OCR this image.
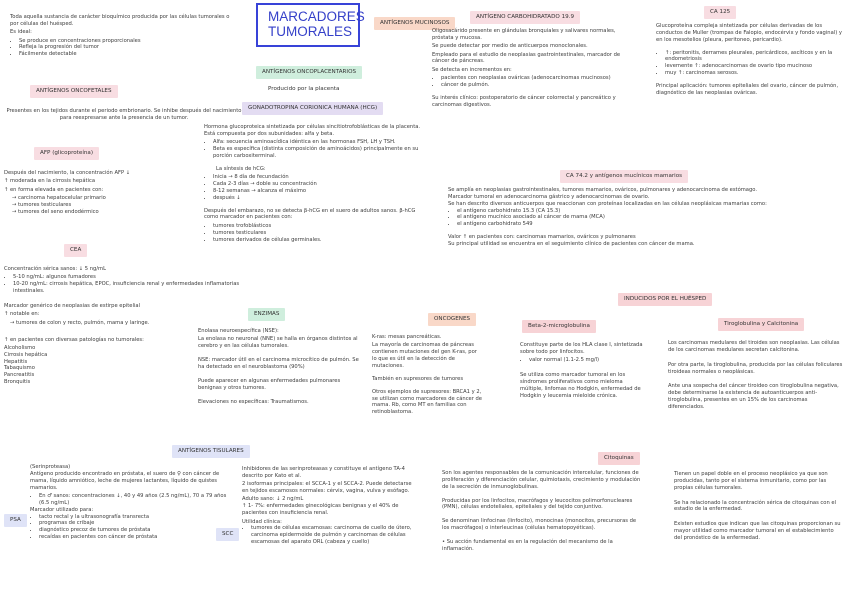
MARCADORES TUMORALES

Toda aquella sustancia de carácter bioquímico producida por las células tumorales o por células del huésped.

Es ideal:

• Se produce en concentraciones proporcionales
• Refleja la progresión del tumor
• Fácilmente detectable
ANTÍGENOS ONCOFETALES
Presentes en los tejidos durante el periodo embrionario. Se inhibe después del nacimiento para reexpresarse ante la presencia de un tumor.
AFP (glicoproteína)

Después del nacimiento, la concentración AFP ↓

↑ moderada en la cirrosis hepática

↑ en forma elevada en pacientes con:

→ carcinoma hepatocelular primario

→ tumores testiculares

→ tumores del seno endodérmico

CEA

Concentración sérica sanos: ↓ 5 ng/mL

• 5-10 ng/mL: algunos fumadores
• 10-20 ng/mL: cirrosis hepática, EPOC, insuficiencia renal y enfermedades inflamatorias intestinales.

Marcador genérico de neoplasias de estirpe epitelial

↑ notable en:

→ tumores de colon y recto, pulmón, mama y laringe.

↑ en pacientes con diversas patologías no tumorales:

Alcoholismo

Cirrosis hepática

Hepatitis

Tabaquismo

Pancreatitis

Bronquitis

ANTÍGENOS ONCOPLACENTARIOS
Producido por la placenta
GONADOTROPINA CORIONICA HUMANA (HCG)

Hormona glucoproteica sintetizada por células sincitiotrofoblásticas de la placenta. Está compuesta por dos subunidades: alfa y beta.

• Alfa: secuencia aminoacídica idéntica en las hormonas FSH, LH y TSH.
• Beta es específica (distinta composición de aminoácidos) principalmente en su porción carboxiterminal.

La síntesis de hCG:

• Inicia → 8 día de fecundación
• Cada 2-3 días → doble su concentración
• 8-12 semanas → alcanza el máximo
• después ↓

Después del embarazo, no se detecta β-hCG en el suero de adultos sanos. β-hCG como marcador en pacientes con:

• tumores trofoblásticos
• tumores testiculares
• tumores derivados de células germinales.
ENZIMAS

Enolasa neuroespecífica (NSE):

La enolasa no neuronal (NNE) se halla en órganos distintos al cerebro y en las células tumorales.

NSE: marcador útil en el carcinoma microcítico de pulmón. Se ha detectado en el neuroblastoma (90%)

Puede aparecer en algunas enfermedades pulmonares benignas y otros tumores.

Elevaciones no específicas: Traumatismos.

ONCOGENES

K-ras: mesas pancreáticas.

La mayoría de carcinomas de páncreas contienen mutaciones del gen K-ras, por lo que es útil en la detección de mutaciones.

También en supresores de tumores

Otros ejemplos de supresores: BRCA1 y 2, se utilizan como marcadores de cáncer de mama. Rb, como MT en familias con retinoblastoma.

ANTÍGENOS MUCINOSOS
ANTÍGENO CARBOHIDRATADO 19.9

Oligosacárido presente en glándulas bronquiales y salivares normales, próstata y mucosa.

Se puede detectar por medio de anticuerpos monoclonales.

Empleado para el estudio de neoplasias gastrointestinales, marcador de cáncer de páncreas.

Se detecta en incrementos en:

• pacientes con neoplasias ováricas (adenocarcinomas mucinosos)
• cáncer de pulmón.

Su interés clínico: postoperatorio de cáncer colorrectal y pancreático y carcinomas digestivos.

CA 125

Glucoproteína compleja sintetizada por células derivadas de los conductos de Muller (trompas de Falopio, endocérvix y fondo vaginal) y en los mesotelios (pleura, peritoneo, pericardio).

• ↑: peritonitis, derrames pleurales, pericárdicos, ascíticos y en la endometriosis
• levemente ↑: adenocarcinomas de ovario tipo mucinoso
• muy ↑: carcinomas serosos.

Principal aplicación: tumores epiteliales del ovario, cáncer de pulmón, diagnóstico de las neoplasias ováricas.

CA 74.2 y antígenos mucínicos mamarios

Se amplía en neoplasias gastrointestinales, tumores mamarios, ováricos, pulmonares y adenocarcinoma de estómago.

Marcador tumoral en adenocarcinoma gástrico y adenocarcinomas de ovario.

Se han descrito diversos anticuerpos que reaccionan con proteínas localizadas en las células neoplásicas mamarias como:

• el antígeno carbohidrato 15.3 (CA 15.3)
• el antígeno mucínico asociado al cáncer de mama (MCA)
• el antígeno carbohidrato 549

Valor ↑ en pacientes con: carcinomas mamarios, ováricos y pulmonares

Su principal utilidad se encuentra en el seguimiento clínico de pacientes con cáncer de mama.

INDUCIDOS POR EL HUÉSPED
Beta-2-microglobulina

Constituye parte de los HLA clase I, sintetizada sobre todo por linfocitos.

• valor normal (1.1-2.5 mg/l)

Se utiliza como marcador tumoral en los síndromes proliferativos como mieloma múltiple, linfomas no Hodgkin, enfermedad de Hodgkin y leucemia mieloide crónica.

Tiroglobulina y Calcitonina

Los carcinomas medulares del tiroides son neoplasias. Las células de los carcinomas medulares secretan calcitonina.

Por otra parte, la tiroglobulina, producida por las células foliculares tiroideas normales o neoplásicas.

Ante una sospecha del cáncer tiroideo con tiroglobulina negativa, debe determinarse la existencia de autoanticuerpos anti-tiroglobulina, presentes en un 15% de los carcinomas diferenciados.

Citoquinas

Son los agentes responsables de la comunicación intercelular, funciones de proliferación y diferenciación celular, quimiotaxis, crecimiento y modulación de la secreción de inmunoglobulinas.

Producidas por los linfocitos, macrófagos y leucocitos polimorfonucleares (PMN), células endoteliales, epiteliales y del tejido conjuntivo.

Se denominan linfocinas (linfocito), monocinas (monocitos, precursoras de los macrófagos) o interleucinas (células hematopoyéticas).

• Su acción fundamental es en la regulación del mecanismo de la inflamación.

Tienen un papel doble en el proceso neoplásico ya que son producidas, tanto por el sistema inmunitario, como por las propias células tumorales.

Se ha relacionado la concentración sérica de citoquinas con el estadio de la enfermedad.

Existen estudios que indican que las citoquinas proporcionan su mayor utilidad como marcador tumoral en el establecimiento del pronóstico de la enfermedad.

ANTÍGENOS TISULARES
PSA

(Serinproteasa)

Antígeno producido encontrado en próstata, el suero de ♀ con cáncer de mama, líquido amniótico, leche de mujeres lactantes, líquido de quistes mamarios.

• En ♂ sanos: concentraciones ↓, 40 y 49 años (2.5 ng/mL), 70 a 79 años (6.5 ng/mL)

Marcador utilizado para:

• tacto rectal y la ultrasonografía transrecta
• programas de cribaje
• diagnóstico precoz de tumores de próstata
• recaídas en pacientes con cáncer de próstata
SCC

Inhibidores de las serinproteasas y constituye el antígeno TA-4 descrito por Kato et al.

2 isoformas principales: el SCCA-1 y el SCCA-2. Puede detectarse en tejidos escamosos normales: cérvix, vagina, vulva y esófago.

Adulto sano: ↓ 2 ng/mL

↑ 1- 7%: enfermedades ginecológicas benignas y el 40% de pacientes con insuficiencia renal.

Utilidad clínica:

• tumores de células escamosas: carcinoma de cuello de útero, carcinoma epidermoide de pulmón y carcinomas de células escamosas del aparato ORL (cabeza y cuello)
